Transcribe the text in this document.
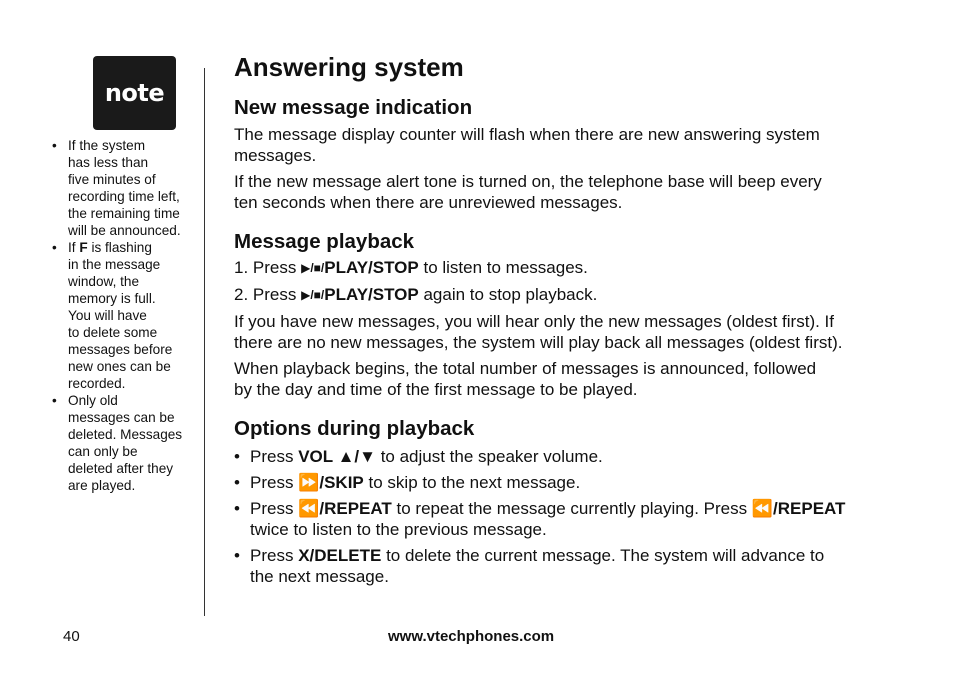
note
• If the system
has less than
five minutes of
recording time left,
the remaining time
will be announced.
• If F is flashing
in the message
window, the
memory is full.
You will have
to delete some
messages before
new ones can be
recorded.
• Only old
messages can be
deleted. Messages
can only be
deleted after they
are played.
Answering system
New message indication

The message display counter will flash when there are new answering system
messages.

If the new message alert tone is turned on, the telephone base will beep every
ten seconds when there are unreviewed messages.

Message playback

1. Press ▶/■/PLAY/STOP to listen to messages.

2. Press ▶/■/PLAY/STOP again to stop playback.

If you have new messages, you will hear only the new messages (oldest first). If
there are no new messages, the system will play back all messages (oldest first).

When playback begins, the total number of messages is announced, followed
by the day and time of the first message to be played.

Options during playback
• Press VOL ▲/▼ to adjust the speaker volume.
• Press ⏩/SKIP to skip to the next message.
• Press ⏪/REPEAT to repeat the message currently playing. Press ⏪/REPEAT
twice to listen to the previous message.
• Press X/DELETE to delete the current message. The system will advance to
the next message.
40	www.vtechphones.com
